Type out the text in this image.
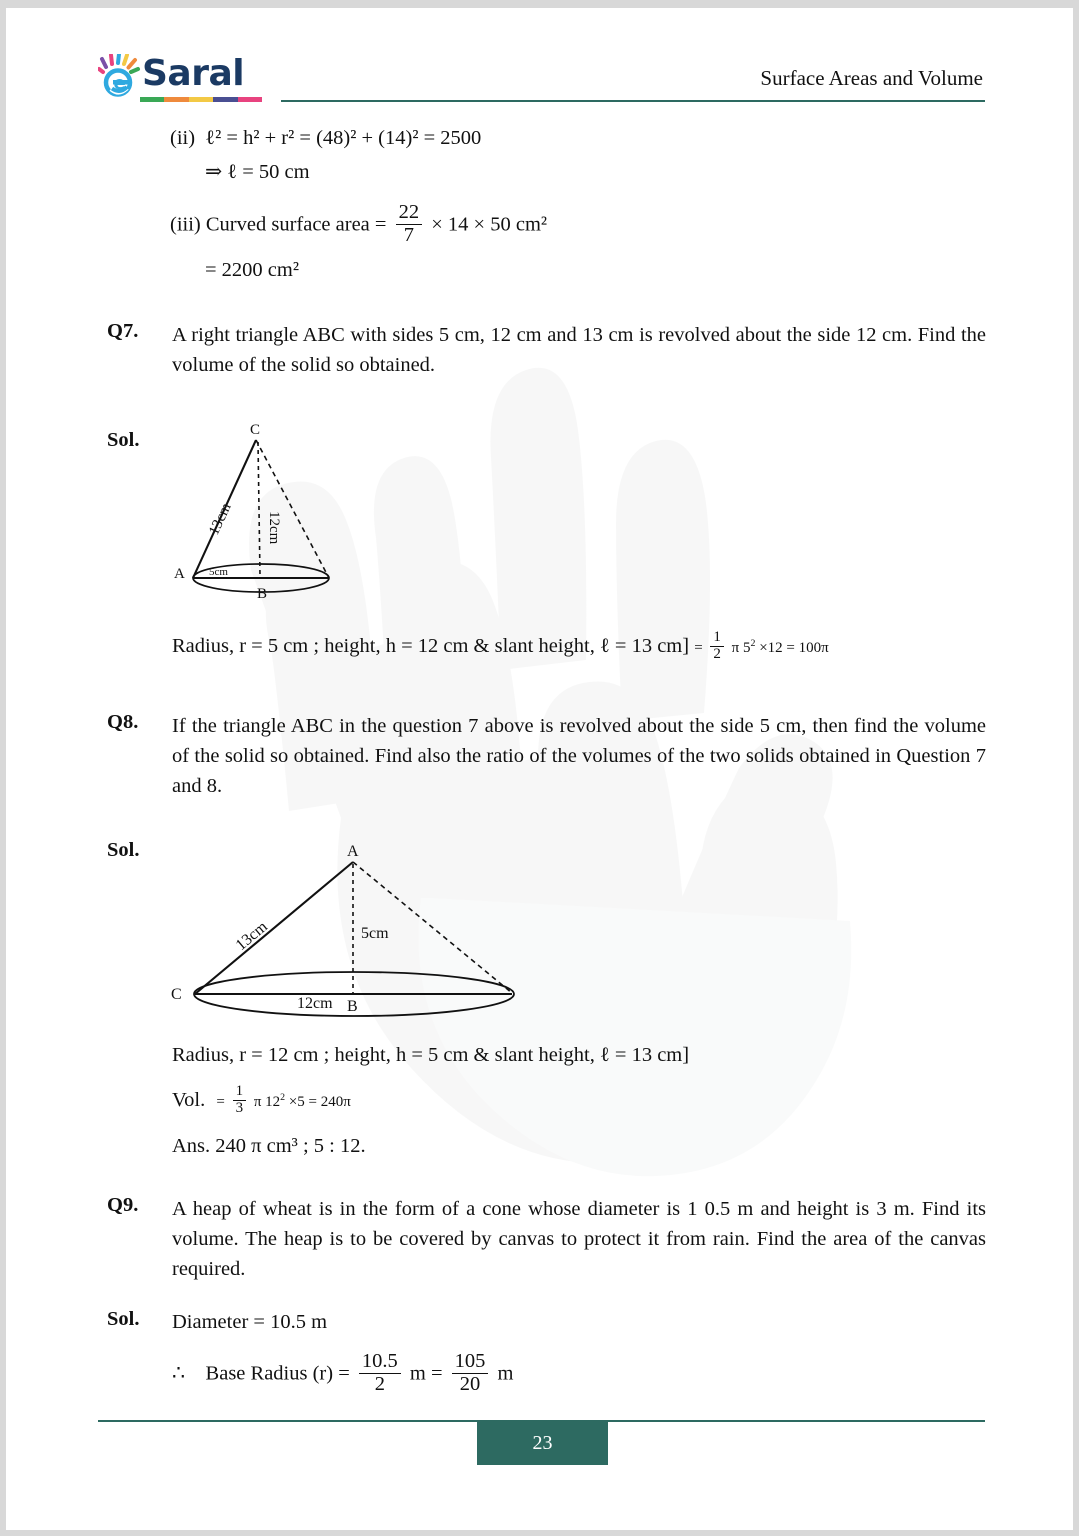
e Saral	Surface Areas and Volume
(ii) ℓ² = h² + r² = (48)² + (14)² = 2500
⇒ ℓ = 50 cm
(iii) Curved surface area = $\frac{22}{7} \times 14 \times 50$ cm²
= 2200 cm²
Q7. A right triangle ABC with sides 5 cm, 12 cm and 13 cm is revolved about the side 12 cm. Find the volume of the solid so obtained.
Sol.	C
A
B
13cm 12cm
5cm
Radius, r = 5 cm ; height, h = 12 cm & slant height, ℓ = 13 $cm] = \frac{1}{2}$ π $5^2 \times 12 = 100\pi$
Q8. If the triangle ABC in the question 7 above is revolved about the side 5 cm, then find the volume of the solid so obtained. Find also the ratio of the volumes of the two solids obtained in Question 7 and 8.
Sol.	A
C
B
13cm	5cm
12cm
Radius, r = 12 cm ; height, h = 5 cm & slant height, ℓ = 13 cm]
Vol. = $\frac{1}{3}$ π $12^2 \times 5 = 240\pi$
Ans. 240 π cm³ ; 5 : 12.
Q9. A heap of wheat is in the form of a cone whose diameter is 1 0.5 m and height is 3 m. Find its volume. The heap is to be covered by canvas to protect it from rain. Find the area of the canvas required.
Sol. Diameter = 10.5 m
∴ Base Radius $(r) = \frac{10.5}{2}$ $m = \frac{105}{20}$ m
23
